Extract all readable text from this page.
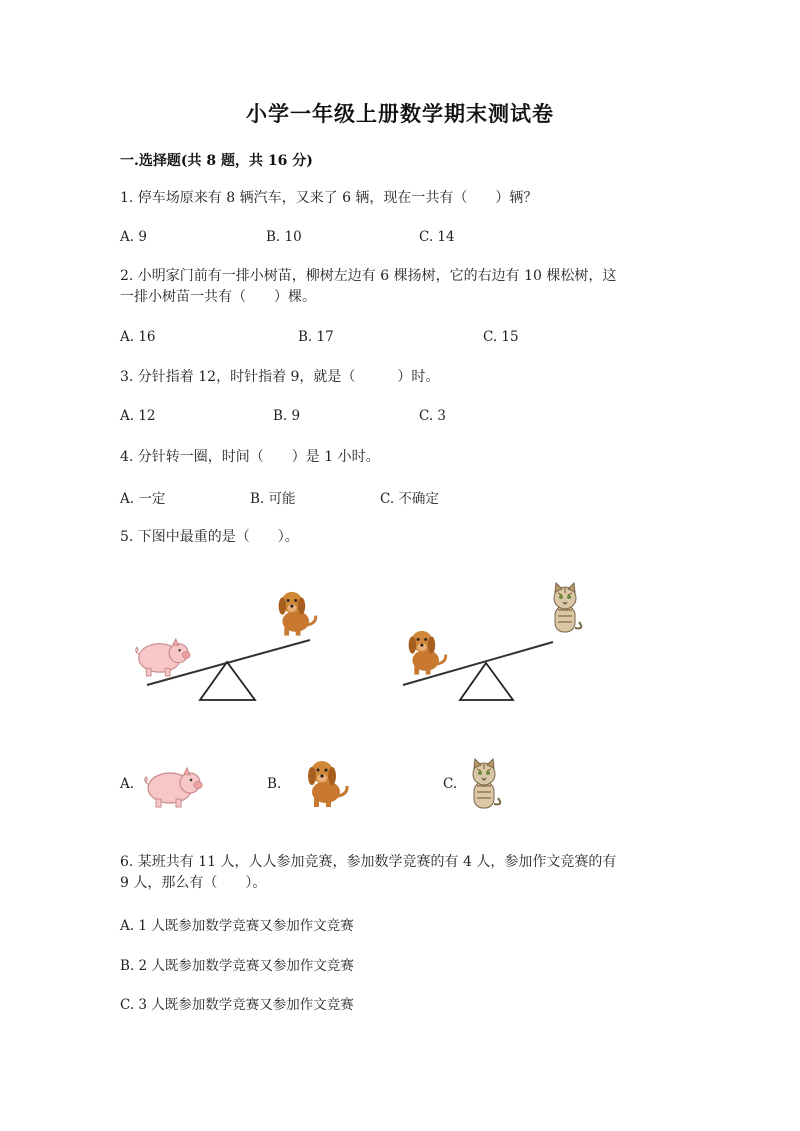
小学一年级上册数学期末测试卷
一.选择题(共 8 题，共 16 分)
1. 停车场原来有 8 辆汽车，又来了 6 辆，现在一共有（　　）辆？
A. 9	B. 10	C. 14
2. 小明家门前有一排小树苗，柳树左边有 6 棵扬树，它的右边有 10 棵松树，这
一排小树苗一共有（　　）棵。
A. 16	B. 17	C. 15
3. 分针指着 12，时针指着 9，就是（　　　）时。
A. 12	B. 9	C. 3
4. 分针转一圈，时间（　　）是 1 小时。
A. 一定	B. 可能	C. 不确定
5. 下图中最重的是（　　）。
A.	B.	C.
6. 某班共有 11 人，人人参加竞赛，参加数学竞赛的有 4 人，参加作文竞赛的有
9 人，那么有（　　）。
A. 1 人既参加数学竞赛又参加作文竞赛
B. 2 人既参加数学竞赛又参加作文竞赛
C. 3 人既参加数学竞赛又参加作文竞赛
